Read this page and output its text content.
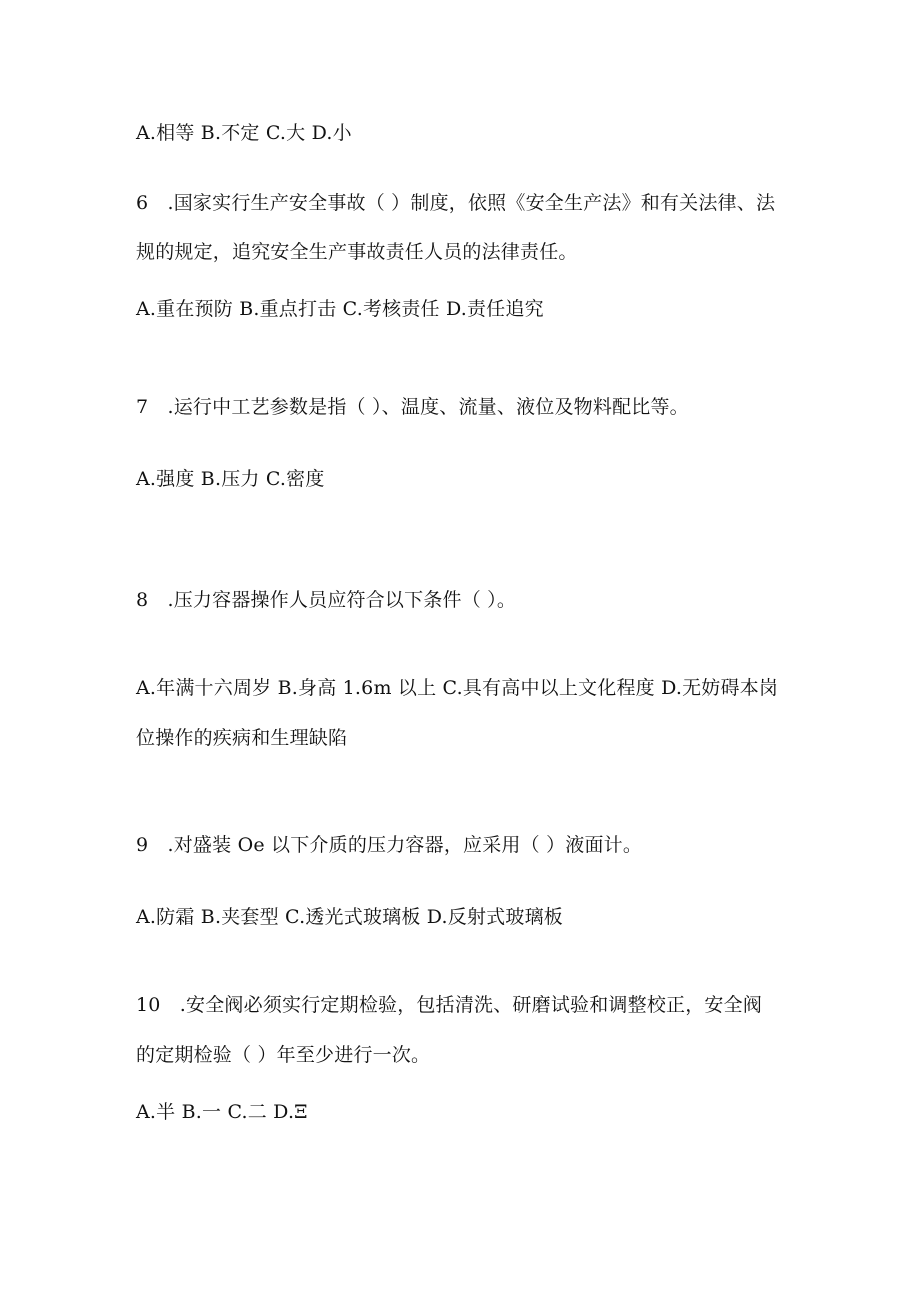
A.相等 B.不定 C.大 D.小
6　.国家实行生产安全事故（ ）制度，依照《安全生产法》和有关法律、法
规的规定，追究安全生产事故责任人员的法律责任。
A.重在预防 B.重点打击 C.考核责任 D.责任追究
7　.运行中工艺参数是指（ ）、温度、流量、液位及物料配比等。
A.强度 B.压力 C.密度
8　.压力容器操作人员应符合以下条件（ ）。
A.年满十六周岁 B.身高 1.6m 以上 C.具有高中以上文化程度 D.无妨碍本岗
位操作的疾病和生理缺陷
9　.对盛装 Oe 以下介质的压力容器，应采用（ ）液面计。
A.防霜 B.夹套型 C.透光式玻璃板 D.反射式玻璃板
10　.安全阀必须实行定期检验，包括清洗、研磨试验和调整校正，安全阀
的定期检验（ ）年至少进行一次。
A.半 B.一 C.二 D.Ξ
